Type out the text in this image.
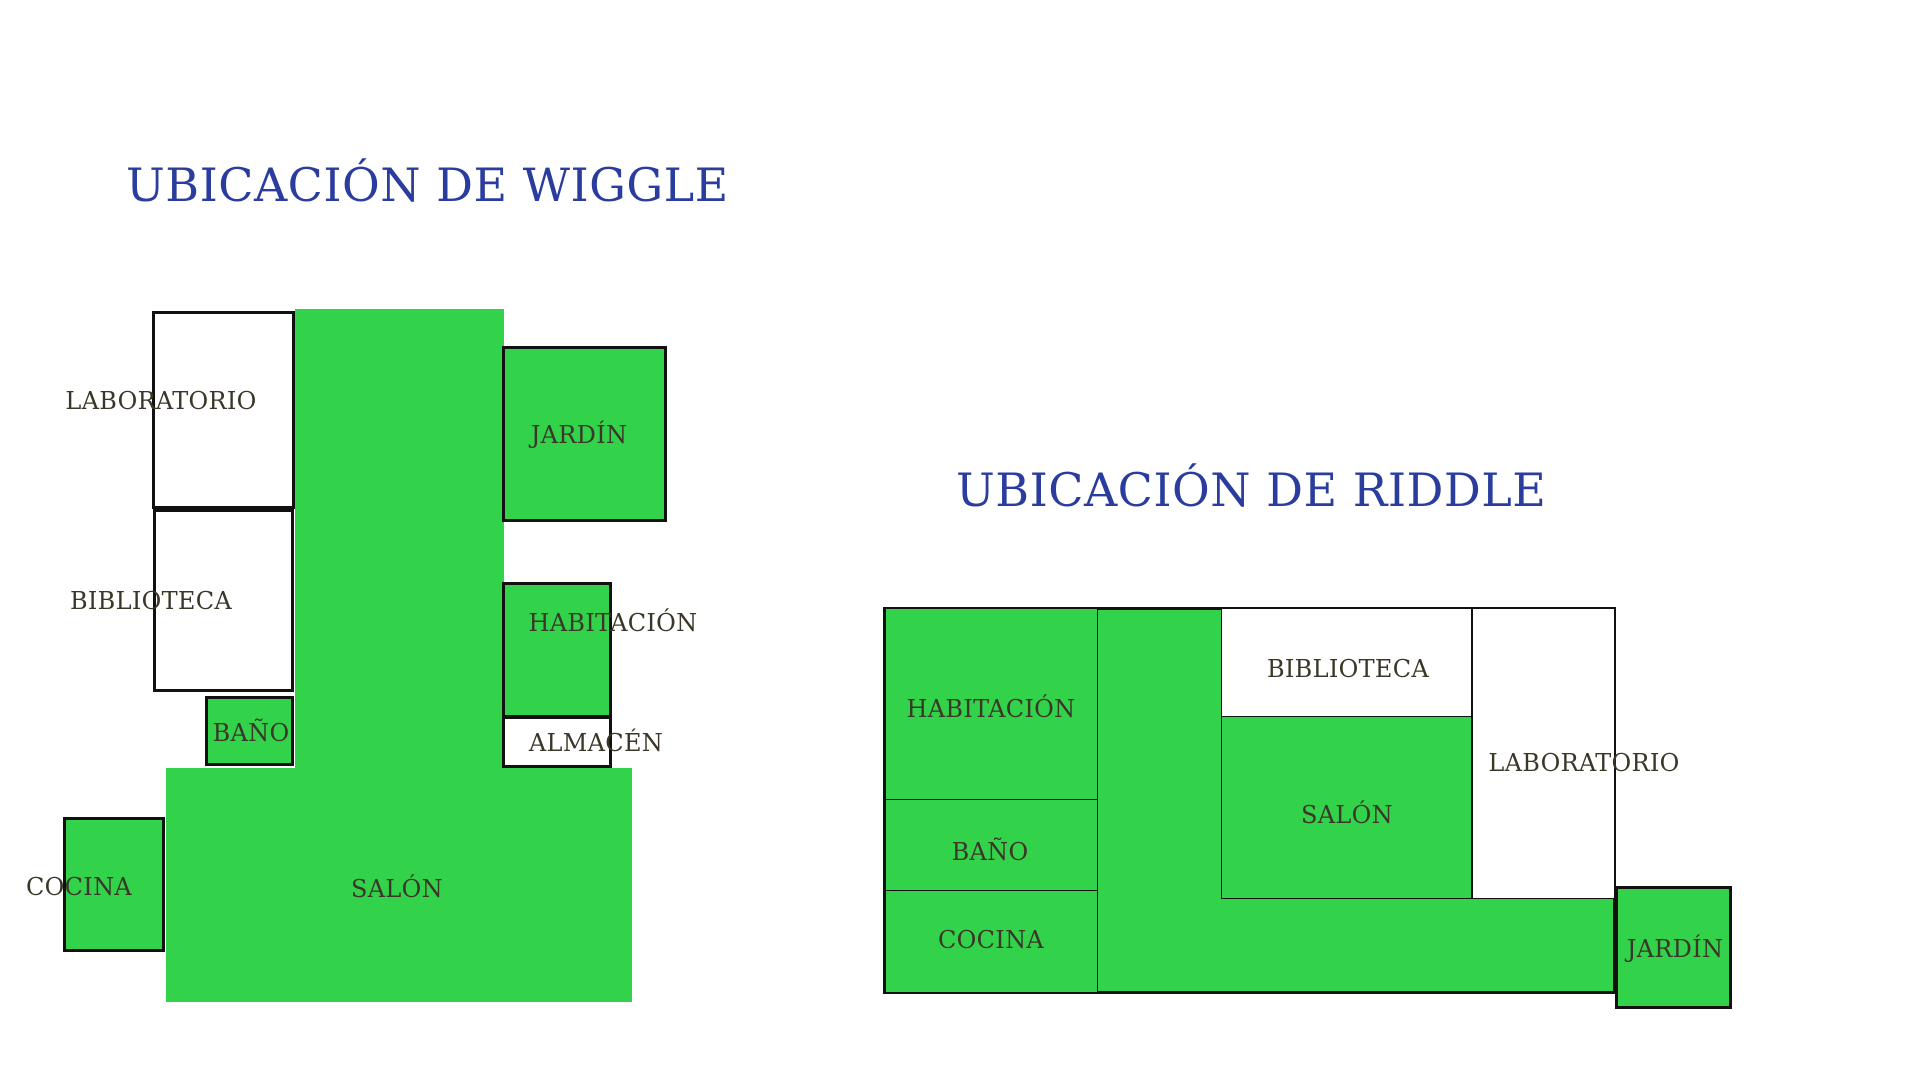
UBICACIÓN DE WIGGLE
LABORATORIO
BIBLIOTECA
BAÑO
COCINA	SALÓN
JARDÍN
HABITACIÓN
ALMACÉN
UBICACIÓN DE RIDDLE
HABITACIÓN
BAÑO
COCINA
BIBLIOTECA
SALÓN
LABORATORIO
JARDÍN
